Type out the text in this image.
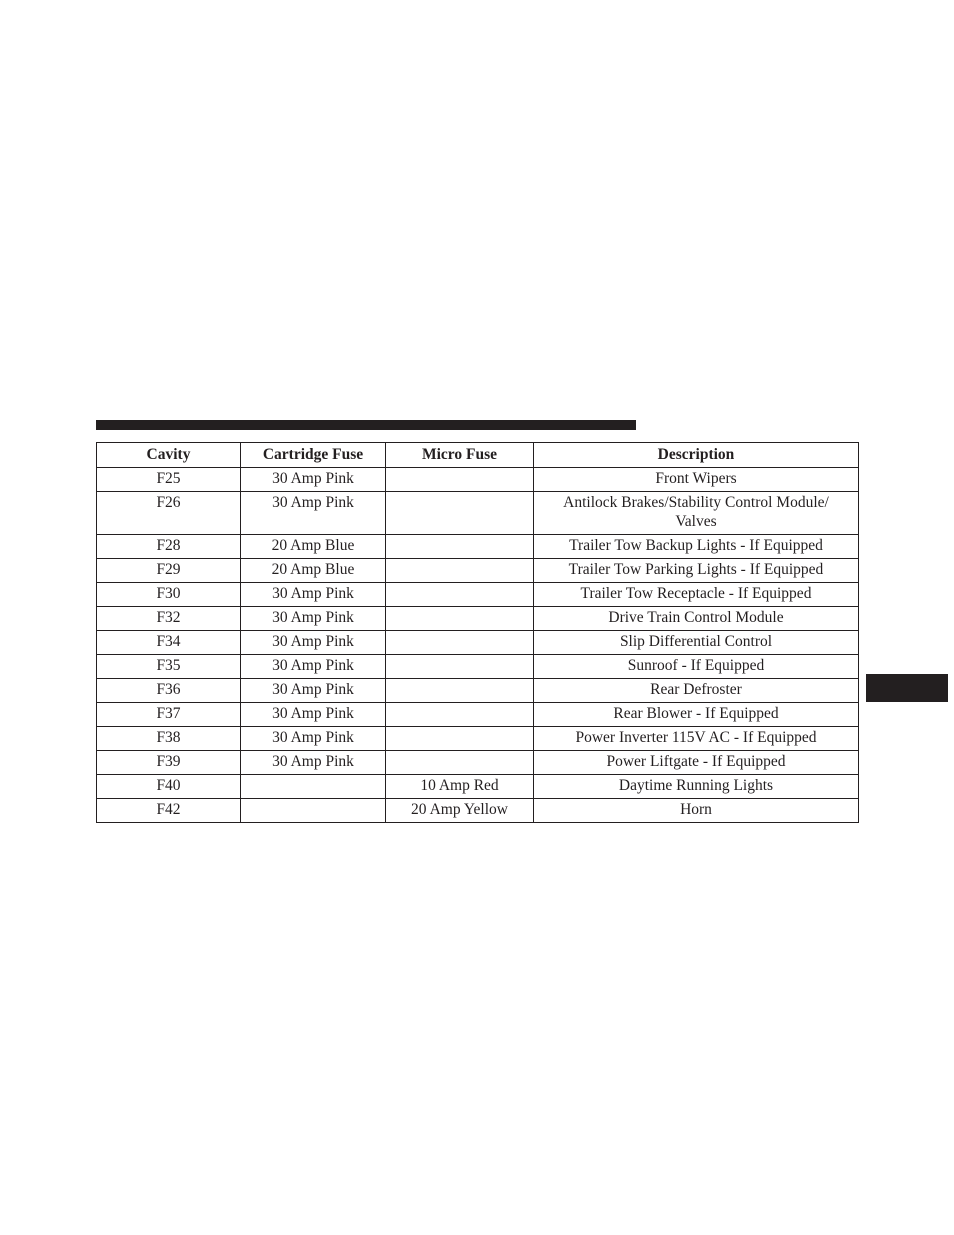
Cavity	Cartridge Fuse	Micro Fuse	Description
F25	30 Amp Pink		Front Wipers
F26	30 Amp Pink		Antilock Brakes/Stability Control Module/ Valves
F28	20 Amp Blue		Trailer Tow Backup Lights - If Equipped
F29	20 Amp Blue		Trailer Tow Parking Lights - If Equipped
F30	30 Amp Pink		Trailer Tow Receptacle - If Equipped
F32	30 Amp Pink		Drive Train Control Module
F34	30 Amp Pink		Slip Differential Control
F35	30 Amp Pink		Sunroof - If Equipped
F36	30 Amp Pink		Rear Defroster
F37	30 Amp Pink		Rear Blower - If Equipped
F38	30 Amp Pink		Power Inverter 115V AC - If Equipped
F39	30 Amp Pink		Power Liftgate - If Equipped
F40		10 Amp Red	Daytime Running Lights
F42		20 Amp Yellow	Horn
